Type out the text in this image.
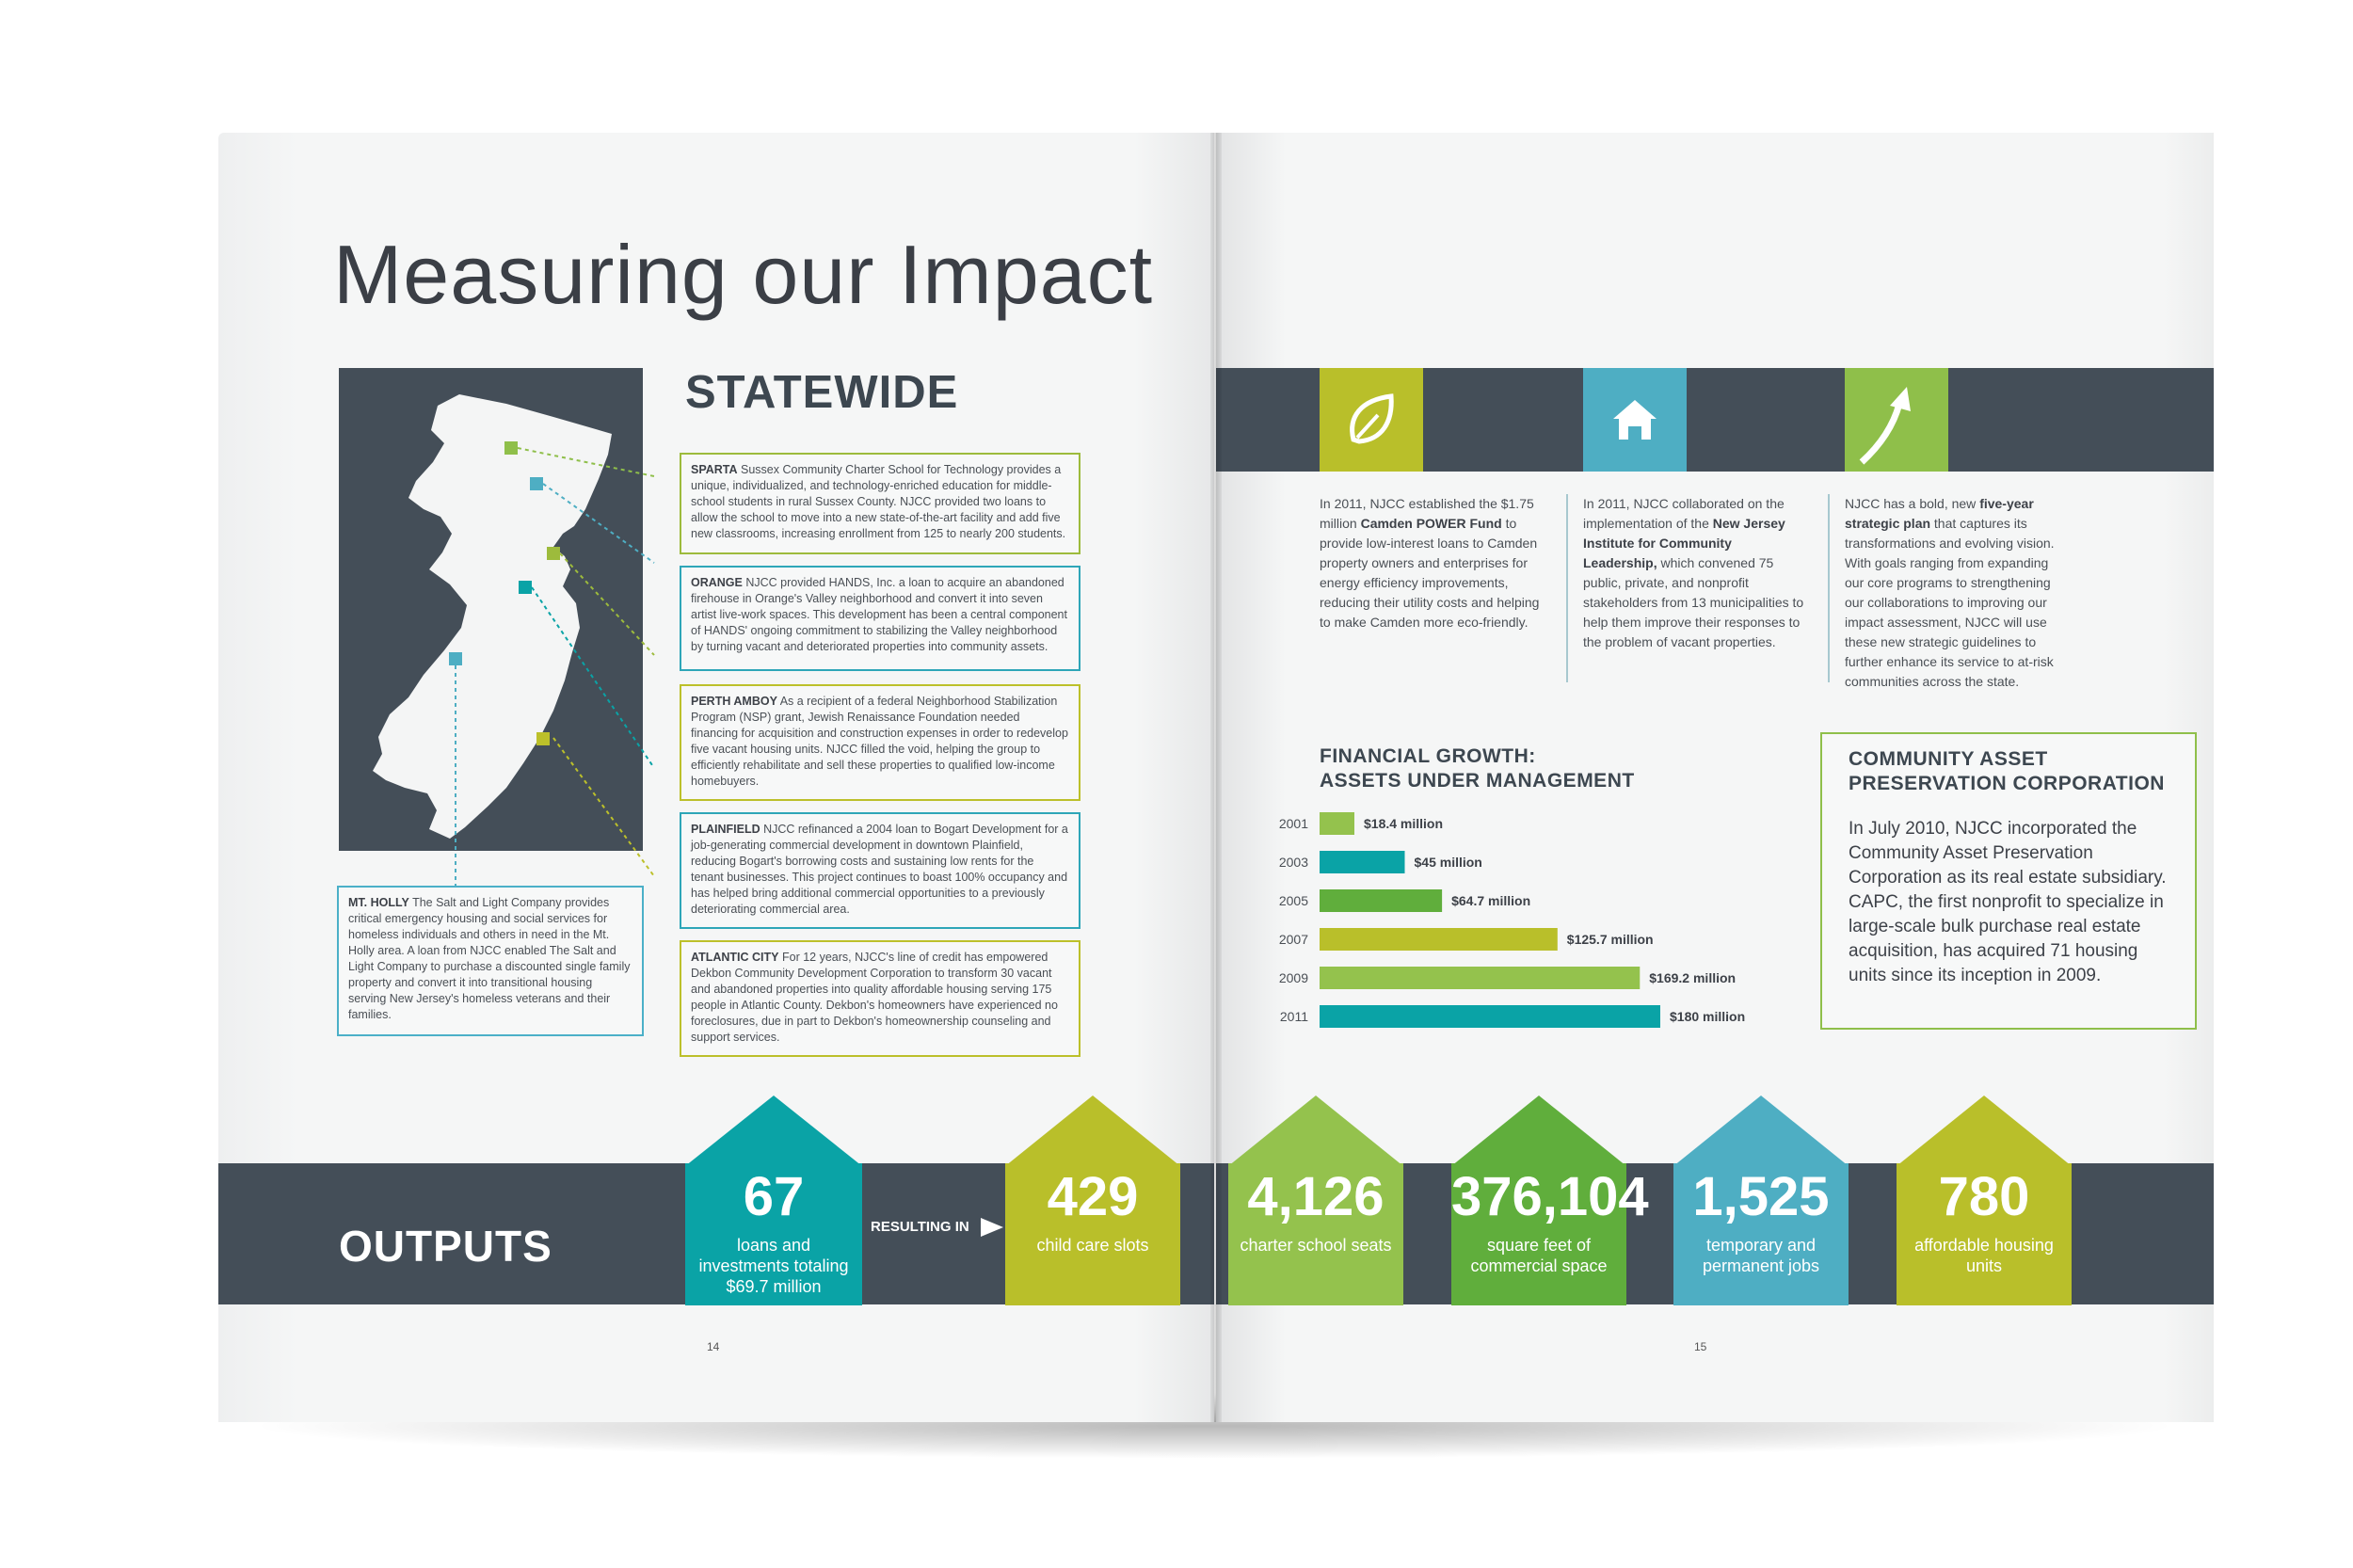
Measuring our Impact
STATEWIDE
SPARTA Sussex Community Charter School for Technology provides a unique, individualized, and technology-enriched education for middle-school students in rural Sussex County. NJCC provided two loans to allow the school to move into a new state-of-the-art facility and add five new classrooms, increasing enrollment from 125 to nearly 200 students.
ORANGE NJCC provided HANDS, Inc. a loan to acquire an abandoned firehouse in Orange's Valley neighborhood and convert it into seven artist live-work spaces. This development has been a central component of HANDS' ongoing commitment to stabilizing the Valley neighborhood by turning vacant and deteriorated properties into community assets.
PERTH AMBOY As a recipient of a federal Neighborhood Stabilization Program (NSP) grant, Jewish Renaissance Foundation needed financing for acquisition and construction expenses in order to redevelop five vacant housing units. NJCC filled the void, helping the group to efficiently rehabilitate and sell these properties to qualified low-income homebuyers.
PLAINFIELD NJCC refinanced a 2004 loan to Bogart Development for a job-generating commercial development in downtown Plainfield, reducing Bogart's borrowing costs and sustaining low rents for the tenant businesses. This project continues to boast 100% occupancy and has helped bring additional commercial opportunities to a previously deteriorating commercial area.
ATLANTIC CITY For 12 years, NJCC's line of credit has empowered Dekbon Community Development Corporation to transform 30 vacant and abandoned properties into quality affordable housing serving 175 people in Atlantic County. Dekbon's homeowners have experienced no foreclosures, due in part to Dekbon's homeownership counseling and support services.
MT. HOLLY The Salt and Light Company provides critical emergency housing and social services for homeless individuals and others in need in the Mt. Holly area. A loan from NJCC enabled The Salt and Light Company to purchase a discounted single family property and convert it into transitional housing serving New Jersey's homeless veterans and their families.
OUTPUTS	RESULTING IN
14
In 2011, NJCC established the $1.75 million Camden POWER Fund to provide low-interest loans to Camden property owners and enterprises for energy efficiency improvements, reducing their utility costs and helping to make Camden more eco-friendly.
In 2011, NJCC collaborated on the implementation of the New Jersey Institute for Community Leadership, which convened 75 public, private, and nonprofit stakeholders from 13 municipalities to help them improve their responses to the problem of vacant properties.
NJCC has a bold, new five-year strategic plan that captures its transformations and evolving vision. With goals ranging from expanding our core programs to strengthening our collaborations to improving our impact assessment, NJCC will use these new strategic guidelines to further enhance its service to at-risk communities across the state.
FINANCIAL GROWTH:
ASSETS UNDER MANAGEMENT
2001	$18.4 million
2003	$45 million
2005	$64.7 million
2007	$125.7 million
2009	$169.2 million
2011	$180 million
COMMUNITY ASSET
PRESERVATION CORPORATION
In July 2010, NJCC incorporated the Community Asset Preservation Corporation as its real estate subsidiary. CAPC, the first nonprofit to specialize in large-scale bulk purchase real estate acquisition, has acquired 71 housing units since its inception in 2009.
15
67
loans and investments totaling $69.7 million
429
child care slots
4,126
charter school seats
376,104
square feet of commercial space
1,525
temporary and permanent jobs
780
affordable housing units
